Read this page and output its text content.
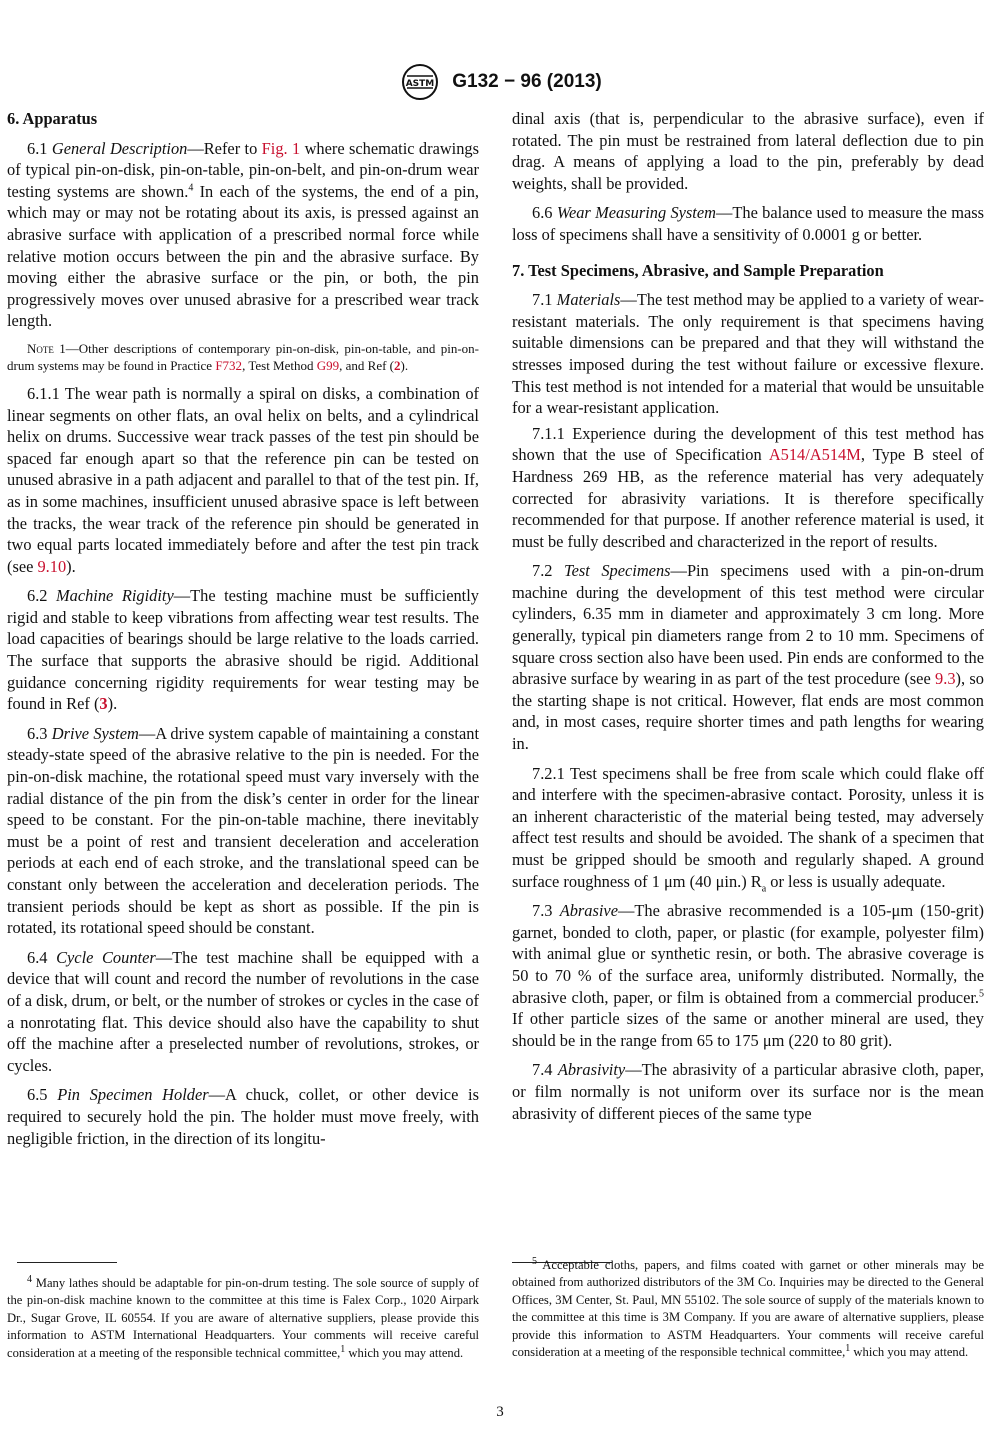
ASTM G132 − 96 (2013)
6. Apparatus

6.1 General Description—Refer to Fig. 1 where schematic drawings of typical pin-on-disk, pin-on-table, pin-on-belt, and pin-on-drum wear testing systems are shown.$^4$ In each of the systems, the end of a pin, which may or may not be rotating about its axis, is pressed against an abrasive surface with application of a prescribed normal force while relative motion occurs between the pin and the abrasive surface. By moving either the abrasive surface or the pin, or both, the pin progressively moves over unused abrasive for a prescribed wear track length.

Note 1—Other descriptions of contemporary pin-on-disk, pin-on-table, and pin-on-drum systems may be found in Practice F732, Test Method G99, and Ref (2).

6.1.1 The wear path is normally a spiral on disks, a combination of linear segments on other flats, an oval helix on belts, and a cylindrical helix on drums. Successive wear track passes of the test pin should be spaced far enough apart so that the reference pin can be tested on unused abrasive in a path adjacent and parallel to that of the test pin. If, as in some machines, insufficient unused abrasive space is left between the tracks, the wear track of the reference pin should be generated in two equal parts located immediately before and after the test pin track (see 9.10).

6.2 Machine Rigidity—The testing machine must be sufficiently rigid and stable to keep vibrations from affecting wear test results. The load capacities of bearings should be large relative to the loads carried. The surface that supports the abrasive should be rigid. Additional guidance concerning rigidity requirements for wear testing may be found in Ref (3).

6.3 Drive System—A drive system capable of maintaining a constant steady-state speed of the abrasive relative to the pin is needed. For the pin-on-disk machine, the rotational speed must vary inversely with the radial distance of the pin from the disk’s center in order for the linear speed to be constant. For the pin-on-table machine, there inevitably must be a point of rest and transient deceleration and acceleration periods at each end of each stroke, and the translational speed can be constant only between the acceleration and deceleration periods. The transient periods should be kept as short as possible. If the pin is rotated, its rotational speed should be constant.

6.4 Cycle Counter—The test machine shall be equipped with a device that will count and record the number of revolutions in the case of a disk, drum, or belt, or the number of strokes or cycles in the case of a nonrotating flat. This device should also have the capability to shut off the machine after a preselected number of revolutions, strokes, or cycles.

6.5 Pin Specimen Holder—A chuck, collet, or other device is required to securely hold the pin. The holder must move freely, with negligible friction, in the direction of its longitu-

dinal axis (that is, perpendicular to the abrasive surface), even if rotated. The pin must be restrained from lateral deflection due to pin drag. A means of applying a load to the pin, preferably by dead weights, shall be provided.

6.6 Wear Measuring System—The balance used to measure the mass loss of specimens shall have a sensitivity of 0.0001 g or better.

7. Test Specimens, Abrasive, and Sample Preparation

7.1 Materials—The test method may be applied to a variety of wear-resistant materials. The only requirement is that specimens having suitable dimensions can be prepared and that they will withstand the stresses imposed during the test without failure or excessive flexure. This test method is not intended for a material that would be unsuitable for a wear-resistant application.

7.1.1 Experience during the development of this test method has shown that the use of Specification A514/A514M, Type B steel of Hardness 269 HB, as the reference material has very adequately corrected for abrasivity variations. It is therefore specifically recommended for that purpose. If another reference material is used, it must be fully described and characterized in the report of results.

7.2 Test Specimens—Pin specimens used with a pin-on-drum machine during the development of this test method were circular cylinders, 6.35 mm in diameter and approximately 3 cm long. More generally, typical pin diameters range from 2 to 10 mm. Specimens of square cross section also have been used. Pin ends are conformed to the abrasive surface by wearing in as part of the test procedure (see 9.3), so the starting shape is not critical. However, flat ends are most common and, in most cases, require shorter times and path lengths for wearing in.

7.2.1 Test specimens shall be free from scale which could flake off and interfere with the specimen-abrasive contact. Porosity, unless it is an inherent characteristic of the material being tested, may adversely affect test results and should be avoided. The shank of a specimen that must be gripped should be smooth and regularly shaped. A ground surface roughness of 1 μm (40 μin.) $R_a$ or less is usually adequate.

7.3 Abrasive—The abrasive recommended is a 105-μm (150-grit) garnet, bonded to cloth, paper, or plastic (for example, polyester film) with animal glue or synthetic resin, or both. The abrasive coverage is 50 to 70 % of the surface area, uniformly distributed. Normally, the abrasive cloth, paper, or film is obtained from a commercial producer.$^5$ If other particle sizes of the same or another mineral are used, they should be in the range from 65 to 175 μm (220 to 80 grit).

7.4 Abrasivity—The abrasivity of a particular abrasive cloth, paper, or film normally is not uniform over its surface nor is the mean abrasivity of different pieces of the same type

$^4$ Many lathes should be adaptable for pin-on-drum testing. The sole source of supply of the pin-on-disk machine known to the committee at this time is Falex Corp., 1020 Airpark Dr., Sugar Grove, IL 60554. If you are aware of alternative suppliers, please provide this information to ASTM International Headquarters. Your comments will receive careful consideration at a meeting of the responsible technical committee,$^1$ which you may attend.

$^5$ Acceptable cloths, papers, and films coated with garnet or other minerals may be obtained from authorized distributors of the 3M Co. Inquiries may be directed to the General Offices, 3M Center, St. Paul, MN 55102. The sole source of supply of the materials known to the committee at this time is 3M Company. If you are aware of alternative suppliers, please provide this information to ASTM Headquarters. Your comments will receive careful consideration at a meeting of the responsible technical committee,$^1$ which you may attend.

3
